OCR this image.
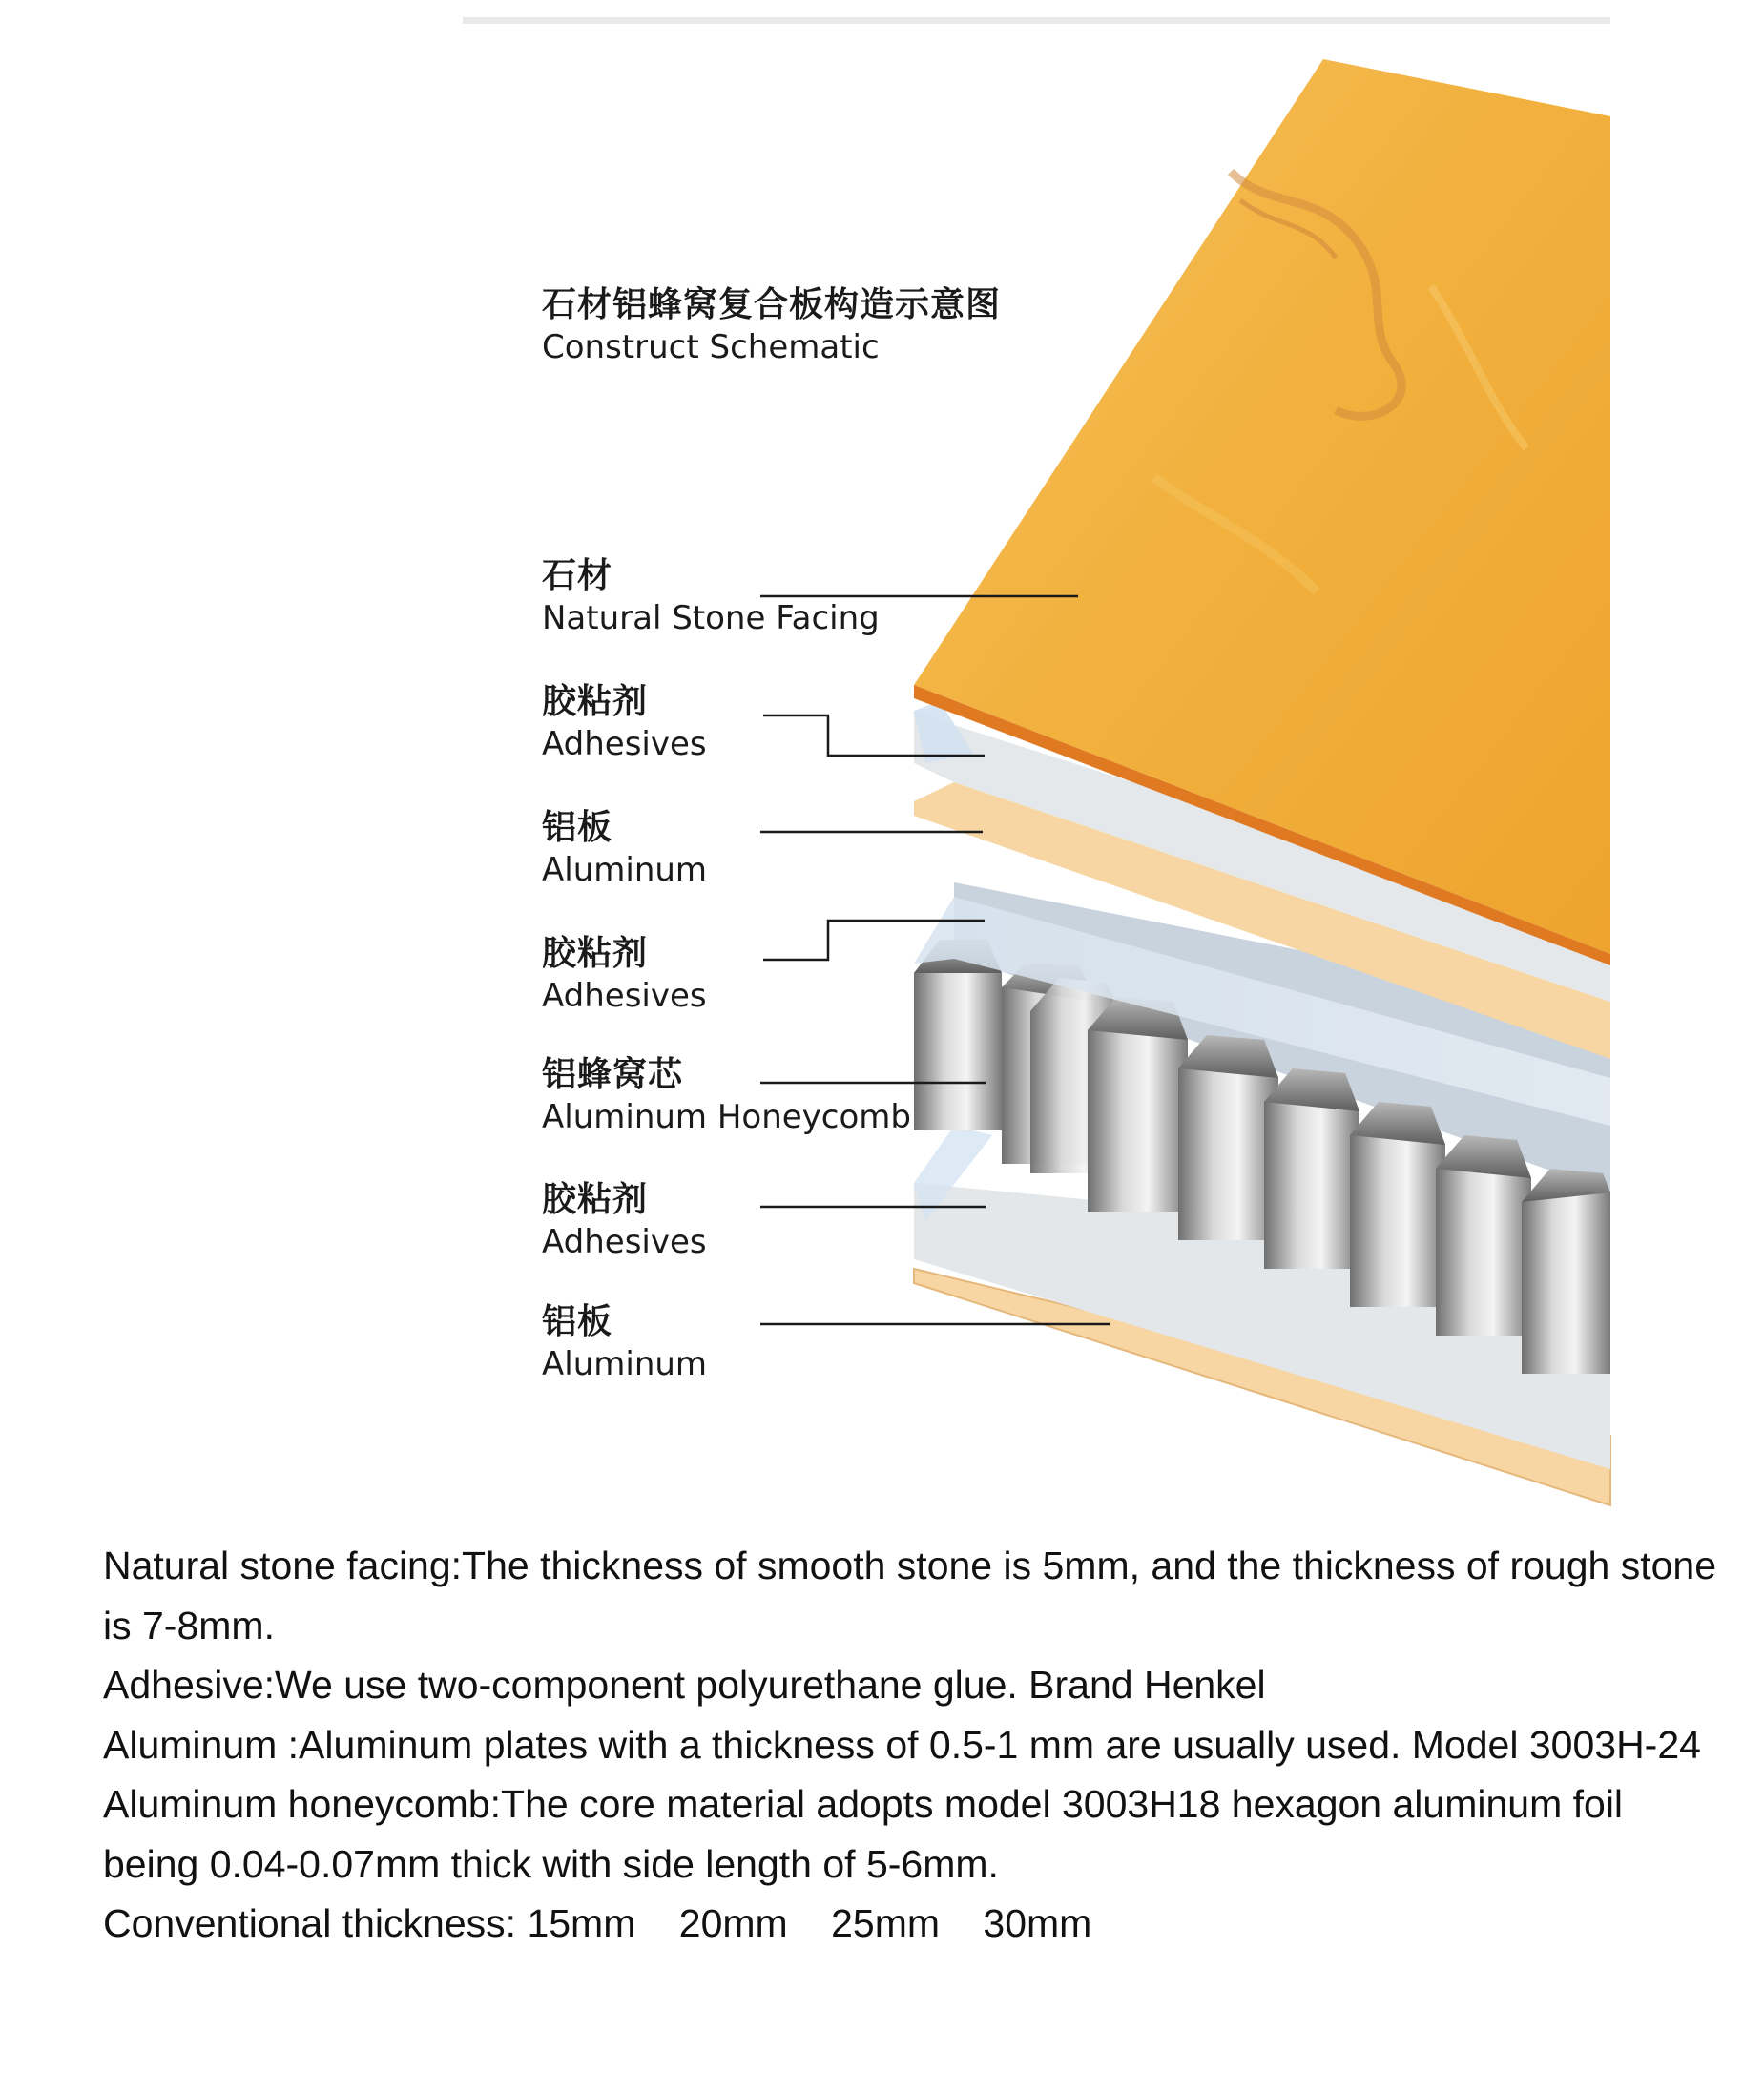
石材铝蜂窝复合板构造示意图
Construct Schematic
石材
Natural Stone Facing
胶粘剂
Adhesives
铝板
Aluminum
胶粘剂
Adhesives
铝蜂窝芯
Aluminum Honeycomb
胶粘剂
Adhesives
铝板
Aluminum

Natural stone facing:The thickness of smooth stone is 5mm, and the thickness of rough stone is 7-8mm.

Adhesive:We use two-component polyurethane glue. Brand Henkel

Aluminum :Aluminum plates with a thickness of 0.5-1 mm are usually used. Model 3003H-24

Aluminum honeycomb:The core material adopts model 3003H18 hexagon aluminum foil being 0.04-0.07mm thick with side length of 5-6mm.

Conventional thickness: 15mm 20mm 25mm 30mm
